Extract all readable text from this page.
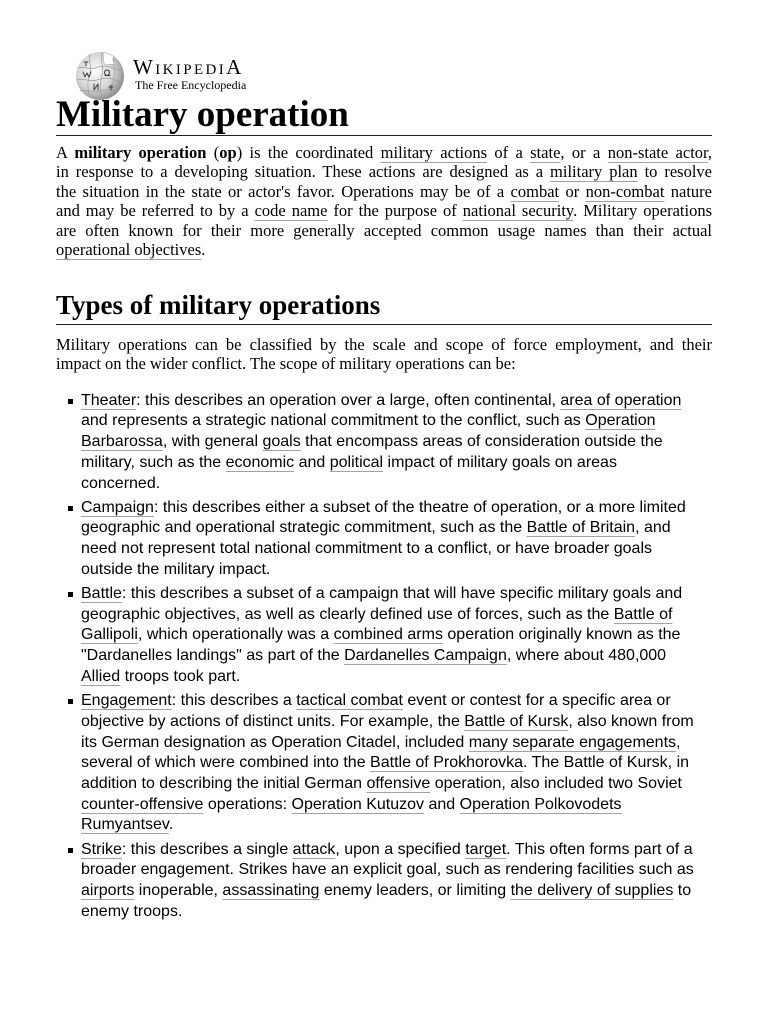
WikipediA
The Free Encyclopedia
Military operation
A military operation (op) is the coordinated military actions of a state, or a non-state actor,
in response to a developing situation. These actions are designed as a military plan to resolve
the situation in the state or actor's favor. Operations may be of a combat or non-combat nature
and may be referred to by a code name for the purpose of national security. Military operations
are often known for their more generally accepted common usage names than their actual
operational objectives.
Types of military operations
Military operations can be classified by the scale and scope of force employment, and their
impact on the wider conflict. The scope of military operations can be:
Theater: this describes an operation over a large, often continental, area of operation
and represents a strategic national commitment to the conflict, such as Operation
Barbarossa, with general goals that encompass areas of consideration outside the
military, such as the economic and political impact of military goals on areas
concerned.
Campaign: this describes either a subset of the theatre of operation, or a more limited
geographic and operational strategic commitment, such as the Battle of Britain, and
need not represent total national commitment to a conflict, or have broader goals
outside the military impact.
Battle: this describes a subset of a campaign that will have specific military goals and
geographic objectives, as well as clearly defined use of forces, such as the Battle of
Gallipoli, which operationally was a combined arms operation originally known as the
"Dardanelles landings" as part of the Dardanelles Campaign, where about 480,000
Allied troops took part.
Engagement: this describes a tactical combat event or contest for a specific area or
objective by actions of distinct units. For example, the Battle of Kursk, also known from
its German designation as Operation Citadel, included many separate engagements,
several of which were combined into the Battle of Prokhorovka. The Battle of Kursk, in
addition to describing the initial German offensive operation, also included two Soviet
counter-offensive operations: Operation Kutuzov and Operation Polkovodets
Rumyantsev.
Strike: this describes a single attack, upon a specified target. This often forms part of a
broader engagement. Strikes have an explicit goal, such as rendering facilities such as
airports inoperable, assassinating enemy leaders, or limiting the delivery of supplies to
enemy troops.
